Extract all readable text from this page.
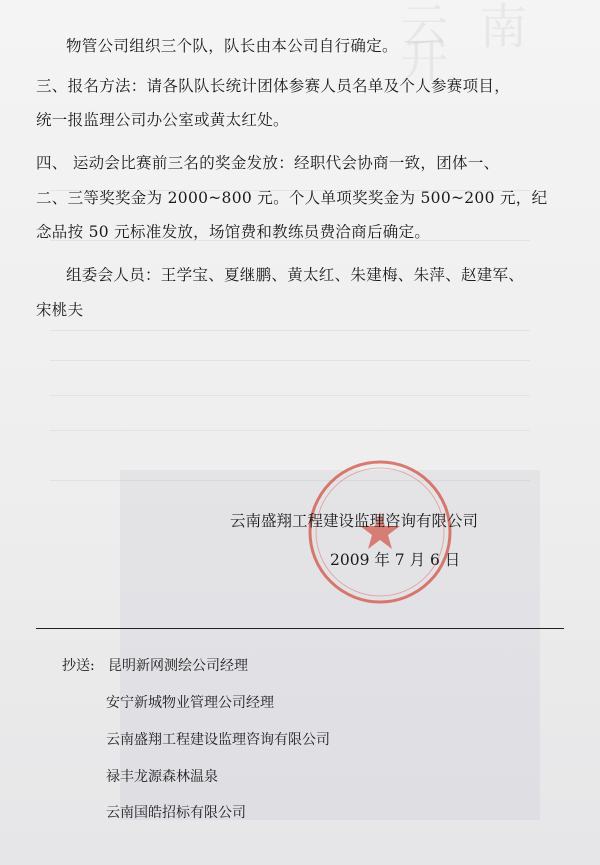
云 南 开
物管公司组织三个队，队长由本公司自行确定。
三、报名方法：请各队队长统计团体参赛人员名单及个人参赛项目，
统一报监理公司办公室或黄太红处。
四、 运动会比赛前三名的奖金发放：经职代会协商一致，团体一、
二、三等奖奖金为 2000~800 元。个人单项奖奖金为 500~200 元，纪
念品按 50 元标准发放，场馆费和教练员费洽商后确定。
组委会人员：王学宝、夏继鹏、黄太红、朱建梅、朱萍、赵建军、
宋桃夫
云南盛翔工程建设监理咨询有限公司
2009 年 7 月 6 日
抄送: 昆明新网测绘公司经理
安宁新城物业管理公司经理
云南盛翔工程建设监理咨询有限公司
禄丰龙源森林温泉
云南国皓招标有限公司
